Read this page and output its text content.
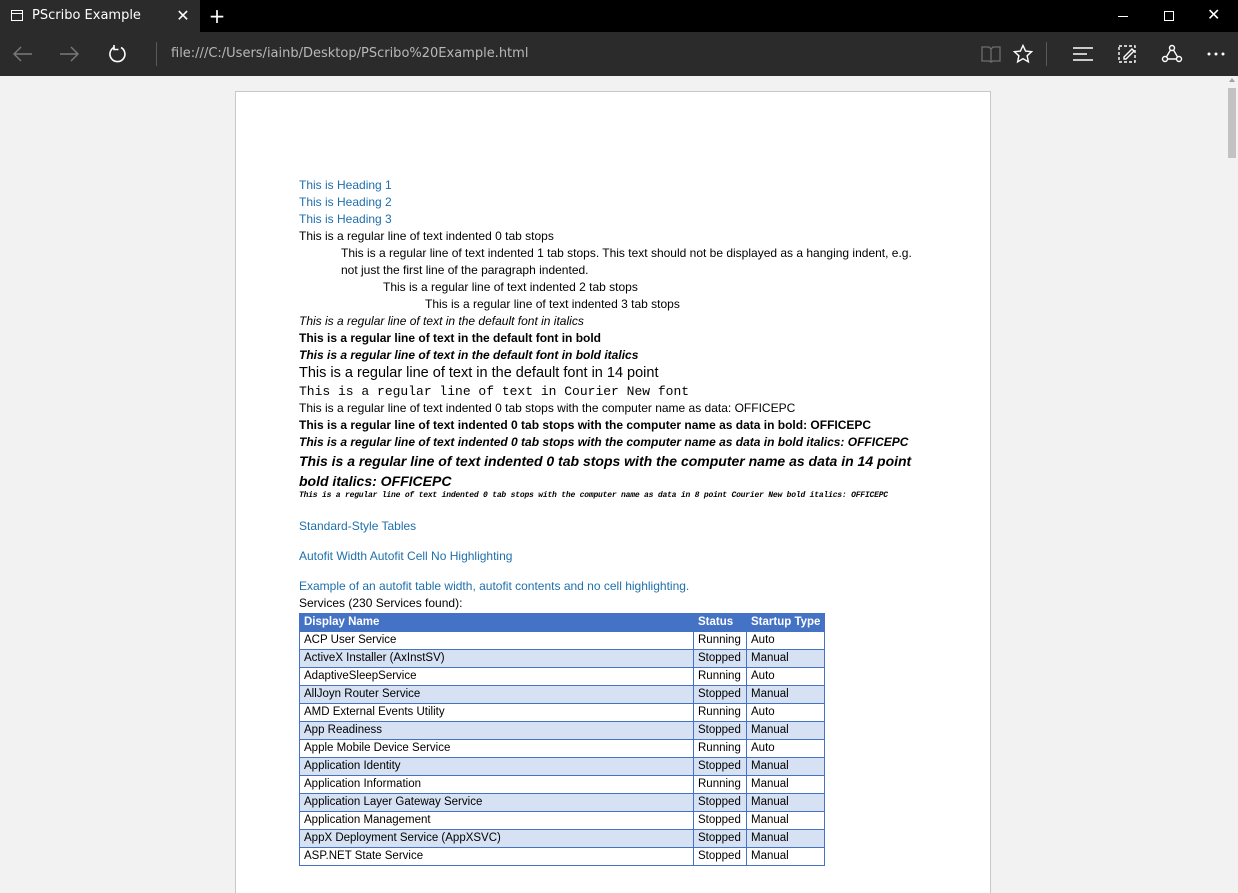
PScribo Example ✕ +	✕
file:///C:/Users/iainb/Desktop/PScribo%20Example.html

This is Heading 1

This is Heading 2

This is Heading 3

This is a regular line of text indented 0 tab stops

This is a regular line of text indented 1 tab stops. This text should not be displayed as a hanging indent, e.g. not just the first line of the paragraph indented.

This is a regular line of text indented 2 tab stops

This is a regular line of text indented 3 tab stops

This is a regular line of text in the default font in italics

This is a regular line of text in the default font in bold

This is a regular line of text in the default font in bold italics

This is a regular line of text in the default font in 14 point

This is a regular line of text in Courier New font

This is a regular line of text indented 0 tab stops with the computer name as data: OFFICEPC

This is a regular line of text indented 0 tab stops with the computer name as data in bold: OFFICEPC

This is a regular line of text indented 0 tab stops with the computer name as data in bold italics: OFFICEPC

This is a regular line of text indented 0 tab stops with the computer name as data in 14 point bold italics: OFFICEPC

This is a regular line of text indented 0 tab stops with the computer name as data in 8 point Courier New bold italics: OFFICEPC

Standard-Style Tables

Autofit Width Autofit Cell No Highlighting

Example of an autofit table width, autofit contents and no cell highlighting.

Services (230 Services found):

Display Name	Status	Startup Type
ACP User Service	Running	Auto
ActiveX Installer (AxInstSV)	Stopped	Manual
AdaptiveSleepService	Running	Auto
AllJoyn Router Service	Stopped	Manual
AMD External Events Utility	Running	Auto
App Readiness	Stopped	Manual
Apple Mobile Device Service	Running	Auto
Application Identity	Stopped	Manual
Application Information	Running	Manual
Application Layer Gateway Service	Stopped	Manual
Application Management	Stopped	Manual
AppX Deployment Service (AppXSVC)	Stopped	Manual
ASP.NET State Service	Stopped	Manual
